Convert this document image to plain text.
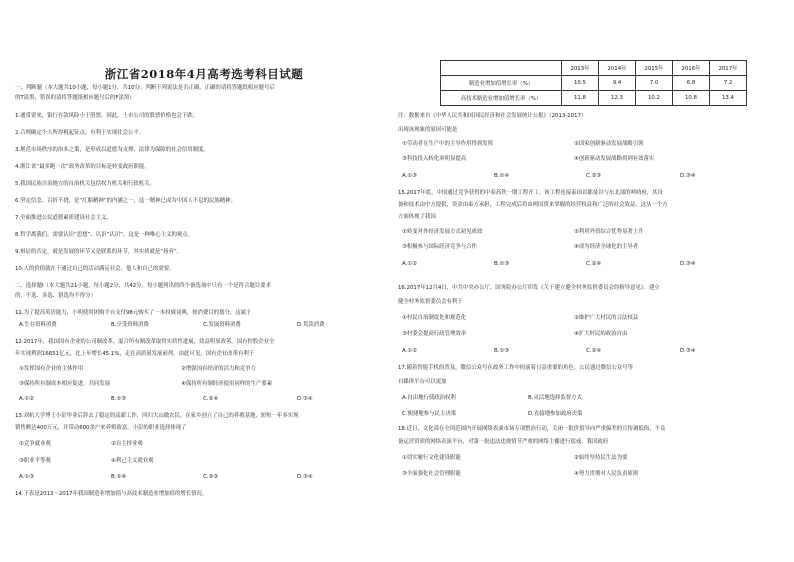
浙江省2018年4月高考选考科目试题
一、判断题（本大题共10小题，每小题1分，共10分。判断下列说法是否正确，正确的请将答题纸相应题号后
的T涂黑，错误的请将答题纸相应题号后的F涂黑）
1.通常说来，银行存款风险小于股票，因此，上市公司的股票价格也会下跌。
2.合理确定个人所得税起征点，有利于实现社会公平。
3.规范市场秩序的治本之策，是形成以道德为支撑、法律为保障的社会信用制度。
4.浙江省“最多跑一次”政务改革的目标是转变政府职能。
5.我国民族自治地方的自治机关包括权力机关和行政机关。
6.坚定信念、百折不挠，是“红船精神”的内涵之一，这一精神已成为中国人不息的民族精神。
7.全面推进公民道德素质建设社会主义。
8.哲学离我们，需要认识“思想”、认识“认识”，这是一种唯心主义的观点。
9.辩证的否定，就是发展的环节又是联系的环节，其实质就是“扬弃”。
10.人的价值就在于通过自己的活动满足社会、他人和自己的需要。
二、选择题Ⅰ（本大题共21小题，每小题2分，共42分。每小题列出的四个备选项中只有一个是符合题目要求
的，不选、多选、错选均不得分）
11.为了提高英语能力，小明使用团购平台支付98元购买了一本权威词典，按消费目的划分，这属于
A.生存资料消费	B.享受资料消费	C.发展资料消费	D.贷款消费
12.2017年，我国国有企业的公司制改革、混合所有制改革取得实质性进展，效益明显改善。国有控股企业全
年实现利润16651亿元，比上年增长45.1%，走在高质量发展前列。由此可见，国有企业改革有利于
①发挥国有企业的主体作用	②增强国有经济的活力和竞争力
③保持所有制成本相应促进、共同发展	④保持所有制经济使用同样的生产要素
A.①②	B.①③	C.②④	D.③④
13.刘杭大学博士小彭毕业后辞去了稳定的高薪工作，回归大山做农民。在家乡创立了自己的养殖基地，短短一年多实现
销售额达400万元，并带动600余户来养殖致富。小彭的职业选择体现了
①竞争就业观	②自主择业观
③职业平等观	④利己主义就业观
A.①③	B.①④	C.②③	D.③④
14.下表是2013～2017年我国制造业增加值与高技术制造业增加值的增长情况。
	2013年	2014年	2015年	2016年	2017年
制造业增加值增长率（%）	10.5	9.4	7.0	6.8	7.2
高技术制造业增加值增长率（%）	11.8	12.3	10.2	10.8	13.4
注：数据来自《中华人民共和国国民经济和社会发展统计公报》（2013-2017）
出现该现象的原因可能是
①劳动者在生产中的主导作用得到发挥	②国家创新驱动发展战略引领
③科技投入转化率明显提高	④创新驱动发展战略得到有效落实
A.①③	B.①④	C.②③	D.③④
15.2017年底，中国通过竞争获得的中泰高铁一期工程开工。该工程连接泰国首都曼谷与东北部的呵叻府，其设
备和技术由中方提供，资金由泰方承担，工程完成后将由两国将来掌握的经营权益和广泛的社会效益。这从一个方
方面体现了我国
①转变对外经济发展方式初见成效	②利用外资综合优势显著上升
③积极参与国际经济竞争与合作	④成为经济全球化的主导者
A.①②	B.①③	C.②④	D.③④
16.2017年12月4日，中共中央办公厅、国务院办公厅印发《关于建立健全村务监督委员会的指导意见》。建立
健全村务监督委员会有利于
①村民自治制度化和规范化	②维护广大村民的合法权益
③村委会提高行政管理效率	④扩大村民的政治自由
A.①②	B.①③	C.②④	D.③④
17.随着智能手机的普及，微信公众号在政务工作中扮演着日益重要的角色。公民通过微信公众号等
自媒体平台可以更加
A.自由地行使政治权利	B.灵活地选择监督方式
C.便捷地参与民主决策	D.直接地参加政府决策
18.近日，文化部在全国范围内开展网络表演市场专项整治行动，关闭一批价值导向严重偏差的宣传调低俗、不良
备运营资质的网络表演平台，对第一批违法违规情节严重的网络主播进行惩戒，我国政府
①切实履行文化建设职能	②始终坚持民生法为要
③全面强化社会管理职能	④努力贯彻对人民负责原则
